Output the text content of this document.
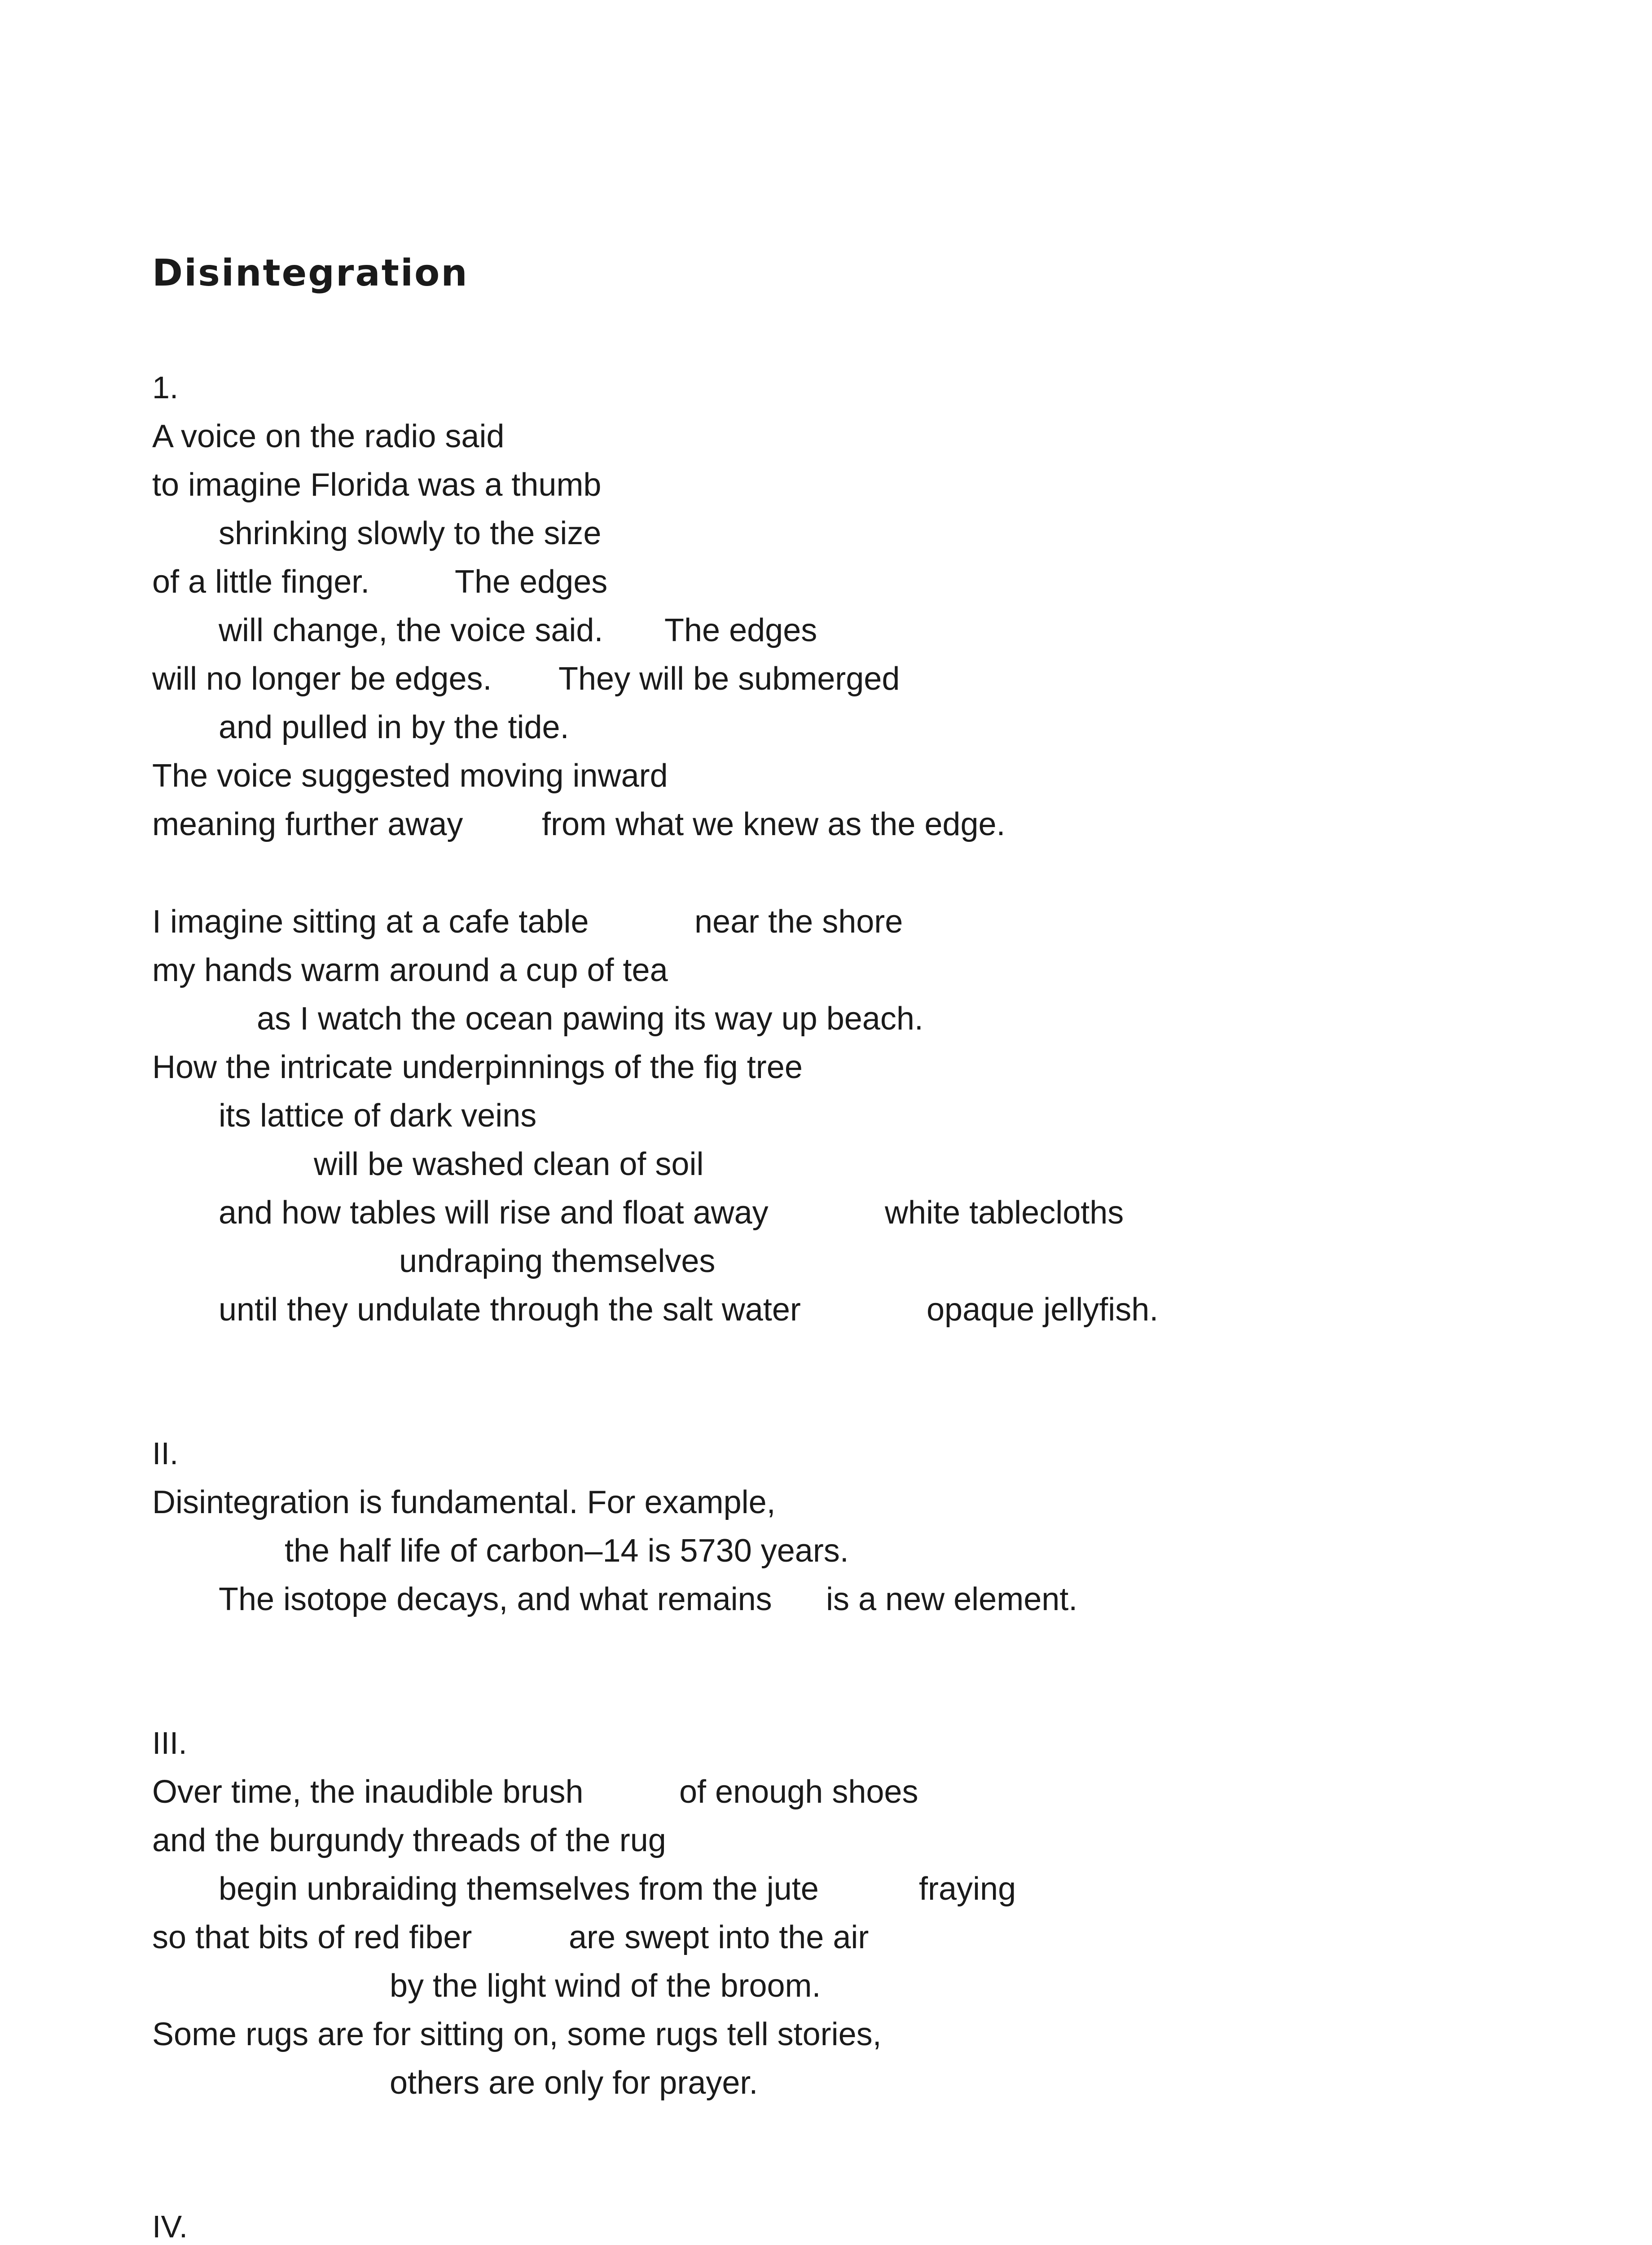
Disintegration
1.
A voice on the radio said
to imagine Florida was a thumb
shrinking slowly to the size
of a little finger.	The edges
will change, the voice said. The edges
will no longer be edges. They will be submerged
and pulled in by the tide.
The voice suggested moving inward
meaning further away from what we knew as the edge.
I imagine sitting at a cafe table	near the shore
my hands warm around a cup of tea
as I watch the ocean pawing its way up beach.
How the intricate underpinnings of the fig tree
its lattice of dark veins
will be washed clean of soil
and how tables will rise and float away	white tablecloths
undraping themselves
until they undulate through the salt water	opaque jellyfish.
II.
Disintegration is fundamental. For example,
the half life of carbon–14 is 5730 years.
The isotope decays, and what remains is a new element.
III.
Over time, the inaudible brush	of enough shoes
and the burgundy threads of the rug
begin unbraiding themselves from the jute	fraying
so that bits of red fiber	are swept into the air
by the light wind of the broom.
Some rugs are for sitting on, some rugs tell stories,
others are only for prayer.
IV.
